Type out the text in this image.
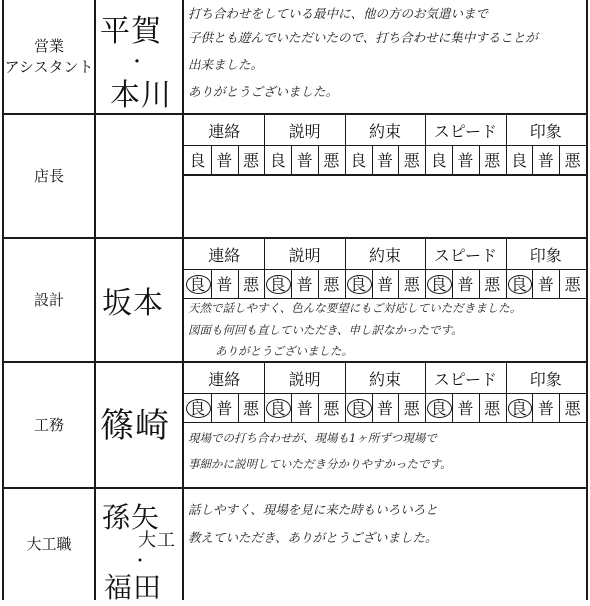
営業
アシスタント
店長
設計
工務
大工職
平賀
・
本川
坂本
篠崎
孫矢
大工
・
福田
打ち合わせをしている最中に、他の方のお気遣いまで
子供とも遊んでいただいたので、打ち合わせに集中することが
出来ました。
ありがとうございました。
連絡
良 普 悪
説明
良 普 悪
約束
良 普 悪
スピード
良 普 悪
印象
良 普 悪
連絡
良 普 悪
説明
良 普 悪
約束
良 普 悪
スピード
良 普 悪
印象
良 普 悪
連絡
良 普 悪
説明
良 普 悪
約束
良 普 悪
スピード
良 普 悪
印象
良 普 悪
天然で話しやすく、色んな要望にもご対応していただきました。
図面も何回も直していただき、申し訳なかったです。
ありがとうございました。
現場での打ち合わせが、現場も1ヶ所ずつ現場で
事細かに説明していただき分かりやすかったです。
話しやすく、現場を見に来た時もいろいろと
教えていただき、ありがとうございました。
